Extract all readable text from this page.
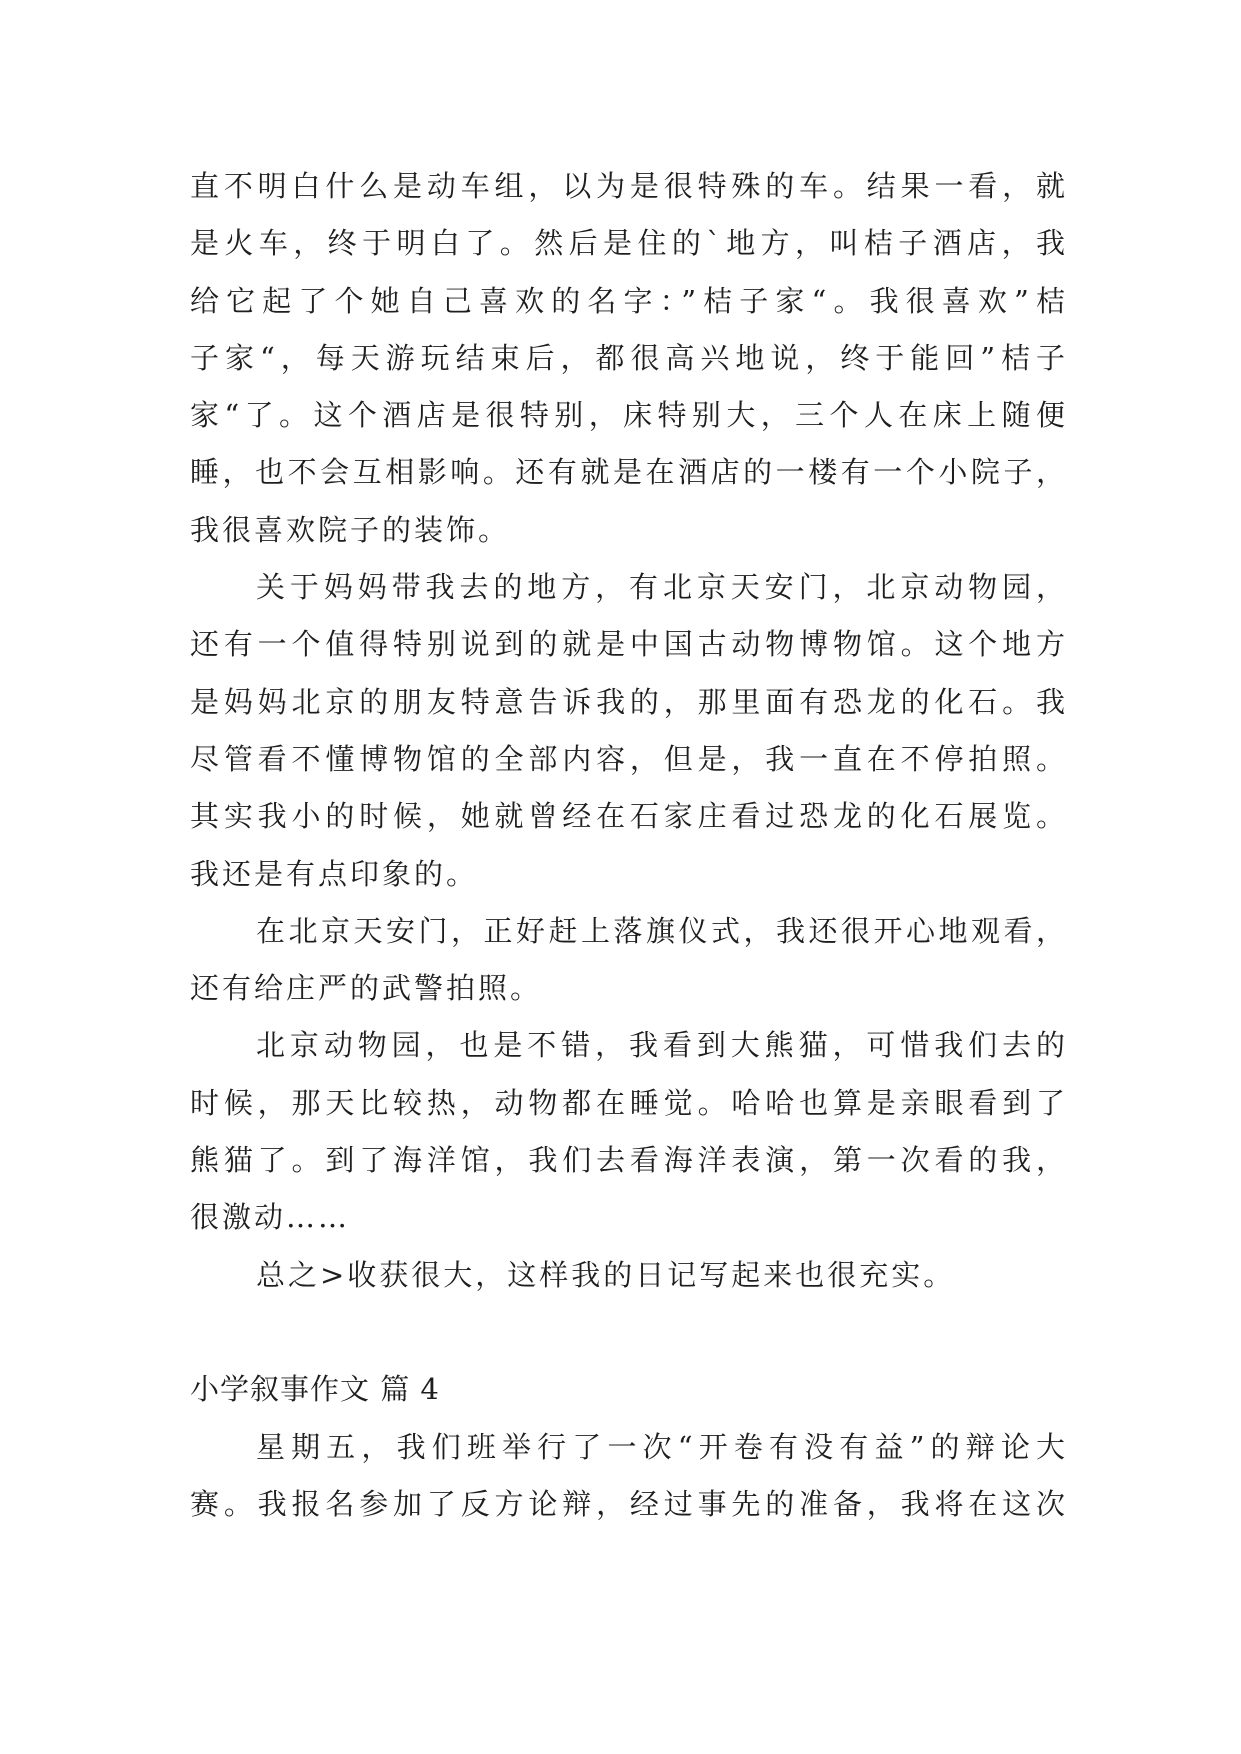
直不明白什么是动车组，以为是很特殊的车。结果一看，就
是火车，终于明白了。然后是住的`地方，叫桔子酒店，我
给它起了个她自己喜欢的名字：”桔子家“。我很喜欢”桔
子家“，每天游玩结束后，都很高兴地说，终于能回”桔子
家“了。这个酒店是很特别，床特别大，三个人在床上随便
睡，也不会互相影响。还有就是在酒店的一楼有一个小院子，
我很喜欢院子的装饰。
关于妈妈带我去的地方，有北京天安门，北京动物园，
还有一个值得特别说到的就是中国古动物博物馆。这个地方
是妈妈北京的朋友特意告诉我的，那里面有恐龙的化石。我
尽管看不懂博物馆的全部内容，但是，我一直在不停拍照。
其实我小的时候，她就曾经在石家庄看过恐龙的化石展览。
我还是有点印象的。
在北京天安门，正好赶上落旗仪式，我还很开心地观看，
还有给庄严的武警拍照。
北京动物园，也是不错，我看到大熊猫，可惜我们去的
时候，那天比较热，动物都在睡觉。哈哈也算是亲眼看到了
熊猫了。到了海洋馆，我们去看海洋表演，第一次看的我，
很激动……
总之>收获很大，这样我的日记写起来也很充实。
小学叙事作文 篇 4
星期五，我们班举行了一次“开卷有没有益”的辩论大
赛。我报名参加了反方论辩，经过事先的准备，我将在这次
